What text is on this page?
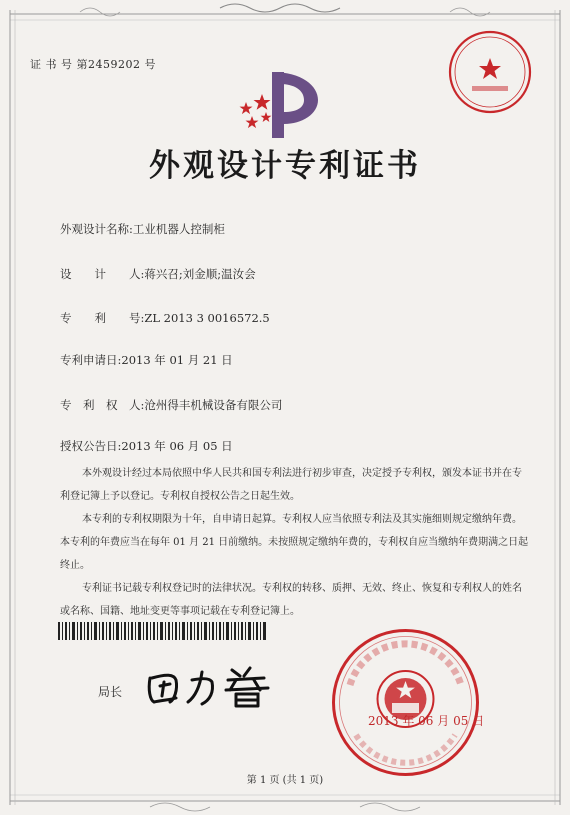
证 书 号 第2459202 号
外观设计专利证书
外观设计名称:工业机器人控制柜
设　　计　　人:蒋兴召;刘金顺;温汝会
专　　利　　号:ZL 2013 3 0016572.5
专利申请日:2013 年 01 月 21 日
专　利　权　人:沧州得丰机械设备有限公司
授权公告日:2013 年 06 月 05 日

本外观设计经过本局依照中华人民共和国专利法进行初步审查，决定授予专利权，颁发本证书并在专利登记簿上予以登记。专利权自授权公告之日起生效。

本专利的专利权期限为十年，自申请日起算。专利权人应当依照专利法及其实施细则规定缴纳年费。本专利的年费应当在每年 01 月 21 日前缴纳。未按照规定缴纳年费的，专利权自应当缴纳年费期满之日起终止。

专利证书记载专利权登记时的法律状况。专利权的转移、质押、无效、终止、恢复和专利权人的姓名或名称、国籍、地址变更等事项记载在专利登记簿上。

局长
2013 年 06 月 05 日
第 1 页 (共 1 页)
